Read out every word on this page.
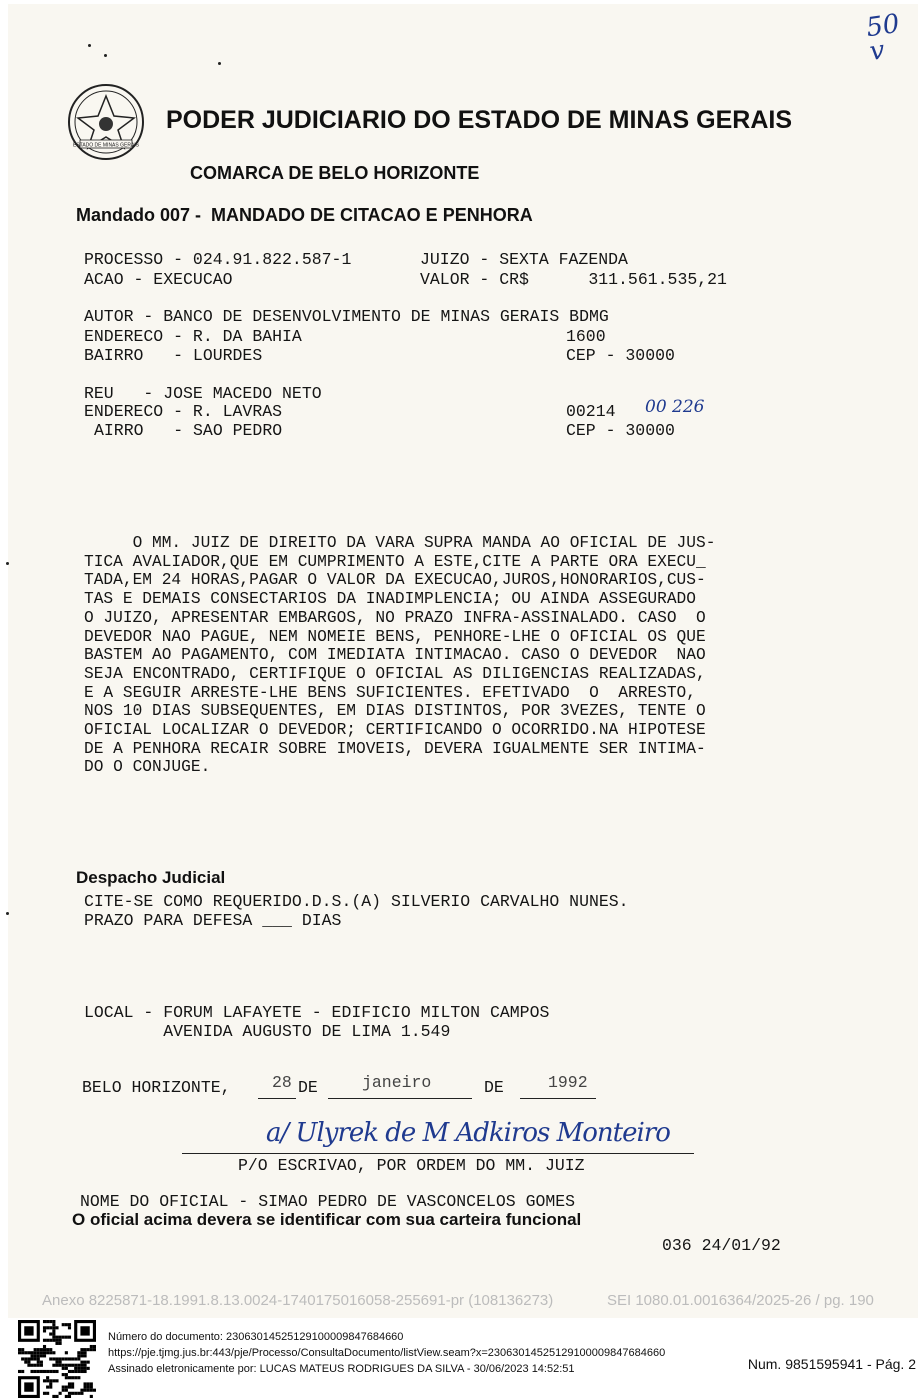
ESTADO DE MINAS GERAIS
50
v
PODER JUDICIARIO DO ESTADO DE MINAS GERAIS
COMARCA DE BELO HORIZONTE
Mandado 007 -  MANDADO DE CITACAO E PENHORA
PROCESSO - 024.91.822.587-1	JUIZO - SEXTA FAZENDA
ACAO - EXECUCAO	VALOR - CR$      311.561.535,21
AUTOR - BANCO DE DESENVOLVIMENTO DE MINAS GERAIS BDMG
ENDERECO - R. DA BAHIA	1600
BAIRRO   - LOURDES	CEP - 30000
REU   - JOSE MACEDO NETO
ENDERECO - R. LAVRAS	00214 00 226
AIRRO   - SAO PEDRO	CEP - 30000
O MM. JUIZ DE DIREITO DA VARA SUPRA MANDA AO OFICIAL DE JUS-
TICA AVALIADOR,QUE EM CUMPRIMENTO A ESTE,CITE A PARTE ORA EXECU_
TADA,EM 24 HORAS,PAGAR O VALOR DA EXECUCAO,JUROS,HONORARIOS,CUS-
TAS E DEMAIS CONSECTARIOS DA INADIMPLENCIA; OU AINDA ASSEGURADO
O JUIZO, APRESENTAR EMBARGOS, NO PRAZO INFRA-ASSINALADO. CASO  O
DEVEDOR NAO PAGUE, NEM NOMEIE BENS, PENHORE-LHE O OFICIAL OS QUE
BASTEM AO PAGAMENTO, COM IMEDIATA INTIMACAO. CASO O DEVEDOR  NAO
SEJA ENCONTRADO, CERTIFIQUE O OFICIAL AS DILIGENCIAS REALIZADAS,
E A SEGUIR ARRESTE-LHE BENS SUFICIENTES. EFETIVADO  O  ARRESTO,
NOS 10 DIAS SUBSEQUENTES, EM DIAS DISTINTOS, POR 3VEZES, TENTE O
OFICIAL LOCALIZAR O DEVEDOR; CERTIFICANDO O OCORRIDO.NA HIPOTESE
DE A PENHORA RECAIR SOBRE IMOVEIS, DEVERA IGUALMENTE SER INTIMA-
DO O CONJUGE.
Despacho Judicial
CITE-SE COMO REQUERIDO.D.S.(A) SILVERIO CARVALHO NUNES.
PRAZO PARA DEFESA ___ DIAS
LOCAL - FORUM LAFAYETE - EDIFICIO MILTON CAMPOS
AVENIDA AUGUSTO DE LIMA 1.549
BELO HORIZONTE,	28 DE	janeiro	DE	1992
a/ Ulyrek de M Adkiros Monteiro
P/O ESCRIVAO, POR ORDEM DO MM. JUIZ
NOME DO OFICIAL - SIMAO PEDRO DE VASCONCELOS GOMES
O oficial acima devera se identificar com sua carteira funcional
036 24/01/92
Anexo 8225871-18.1991.8.13.0024-1740175016058-255691-pr (108136273)	SEI 1080.01.0016364/2025-26 / pg. 190
Número do documento: 23063014525129100009847684660
https://pje.tjmg.jus.br:443/pje/Processo/ConsultaDocumento/listView.seam?x=23063014525129100009847684660
Assinado eletronicamente por: LUCAS MATEUS RODRIGUES DA SILVA - 30/06/2023 14:52:51	Num. 9851595941 - Pág. 2
